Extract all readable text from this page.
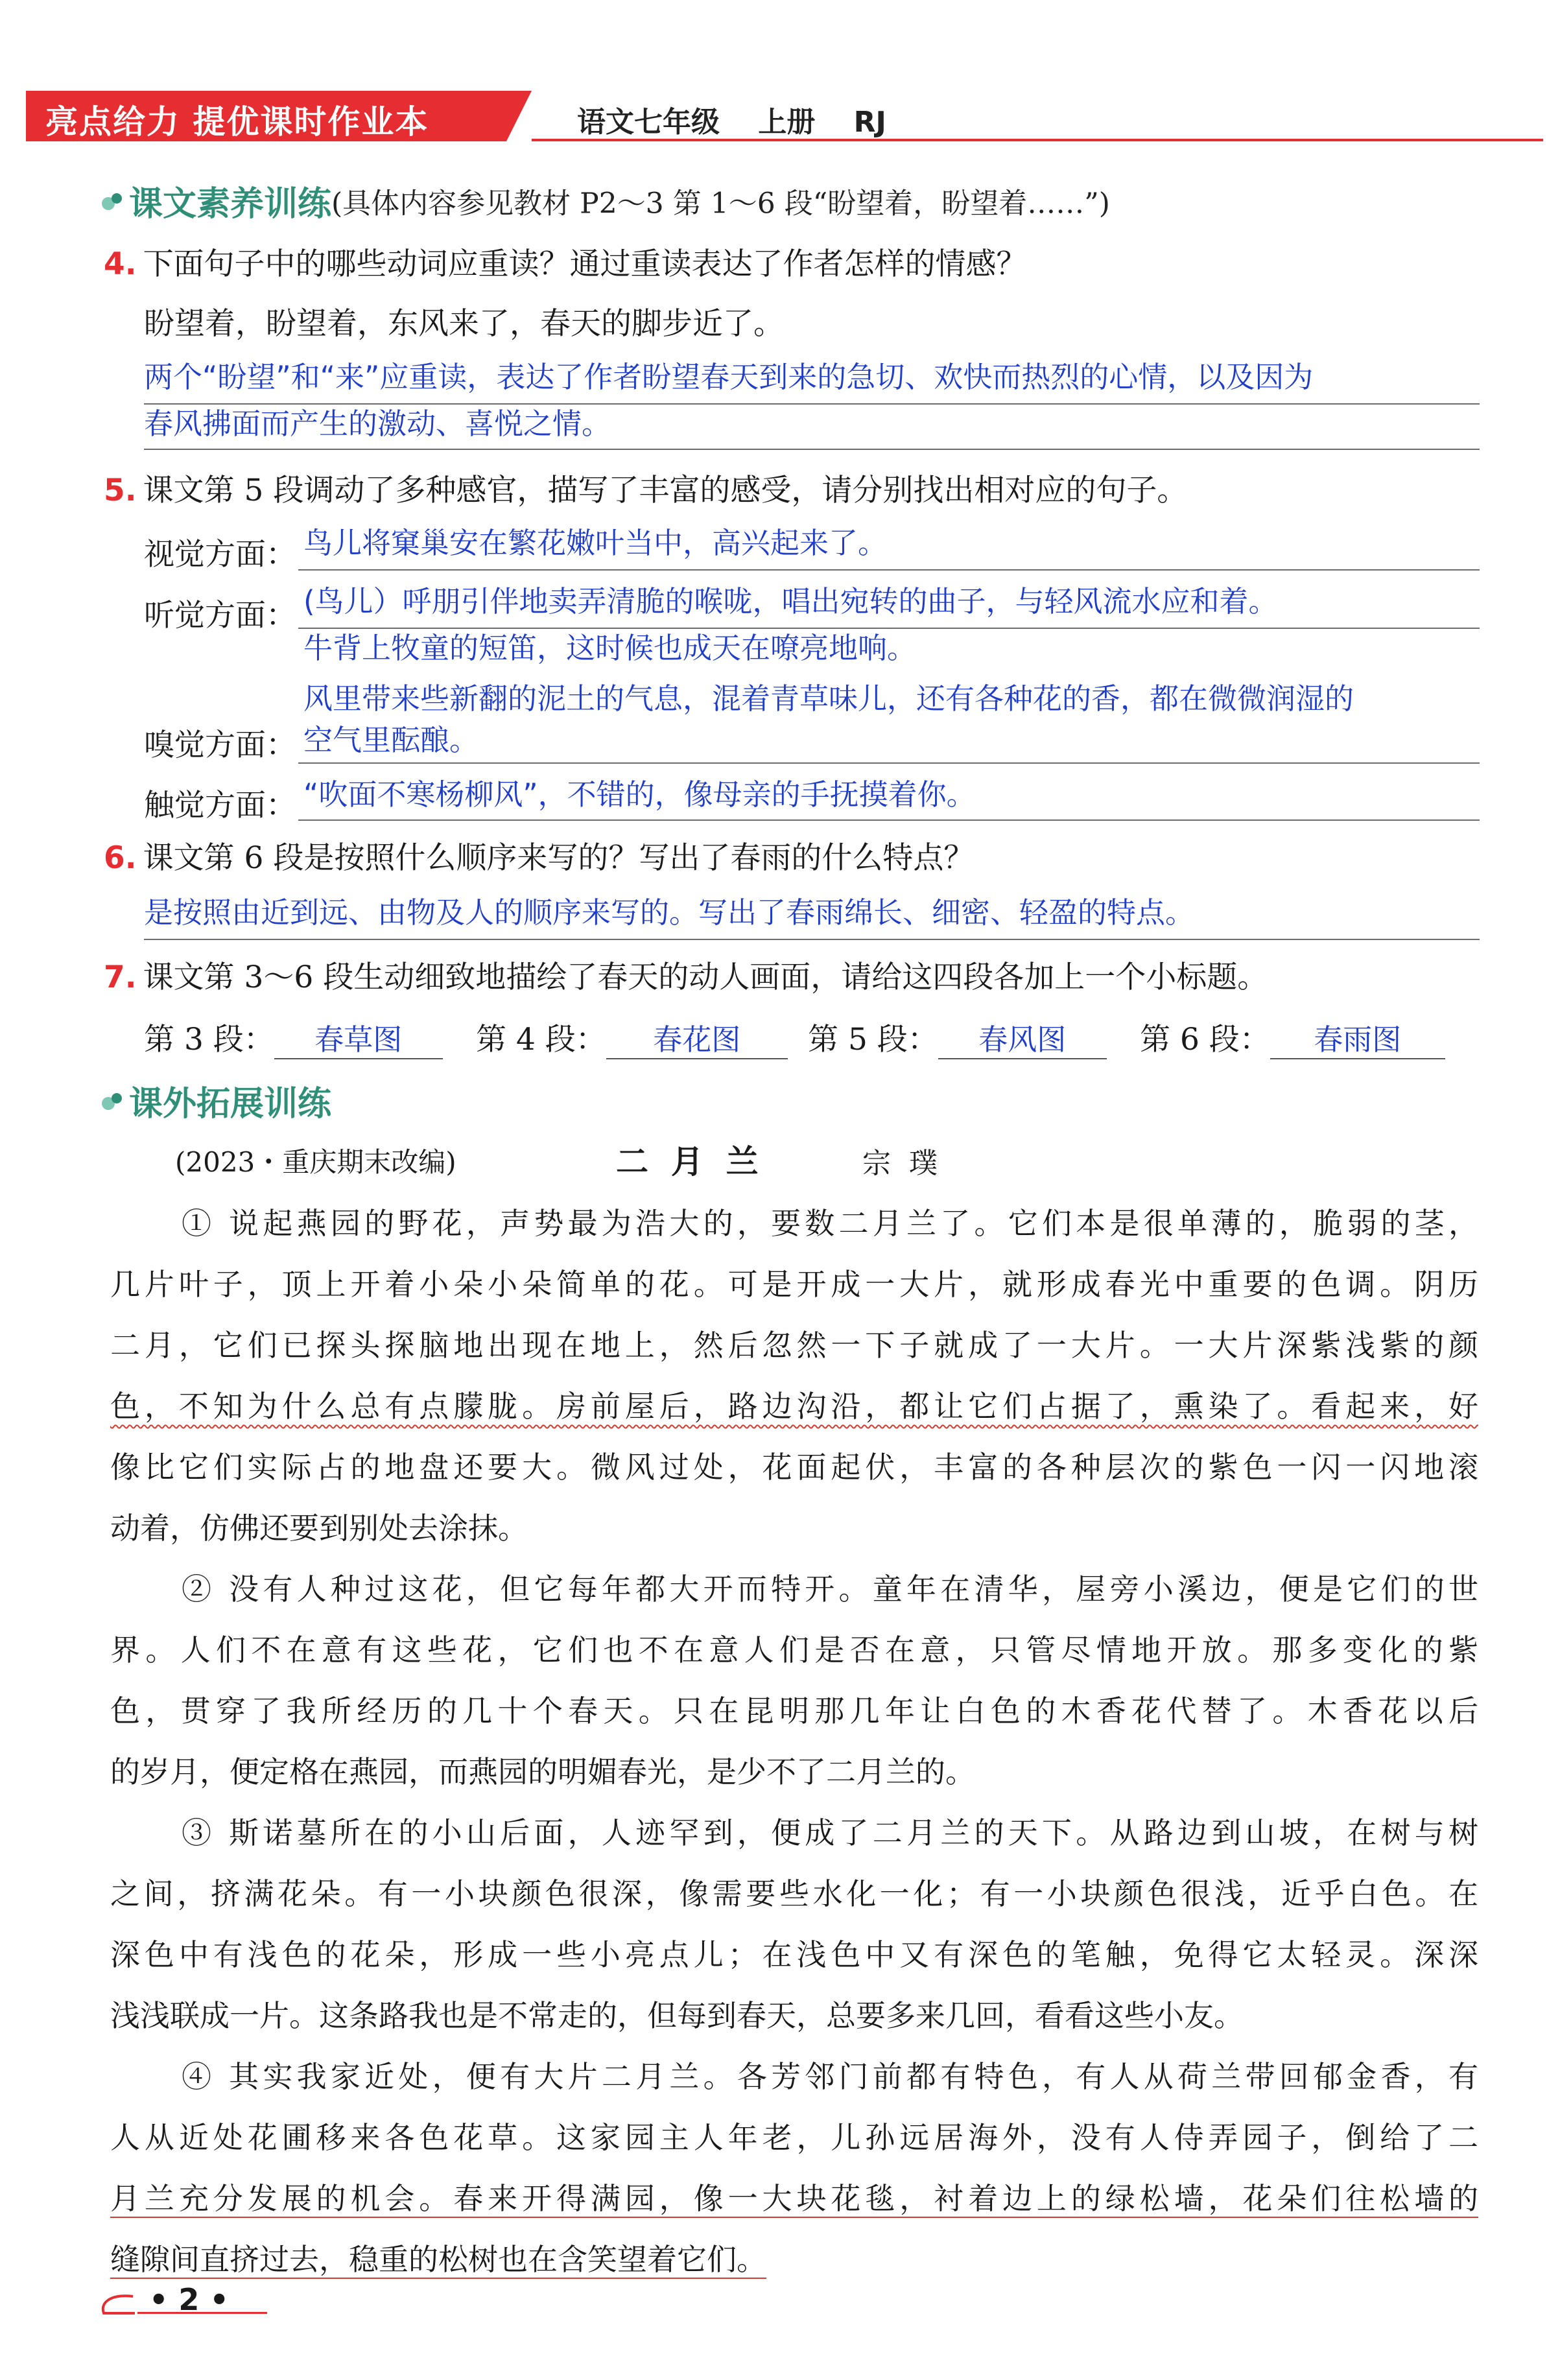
亮点给力 提优课时作业本	语文七年级 上册 RJ
课文素养训练(具体内容参见教材 P2～3 第 1～6 段“盼望着，盼望着……”)
4. 下面句子中的哪些动词应重读？通过重读表达了作者怎样的情感？
盼望着，盼望着，东风来了，春天的脚步近了。
两个“盼望”和“来”应重读，表达了作者盼望春天到来的急切、欢快而热烈的心情，以及因为
春风拂面而产生的激动、喜悦之情。
5. 课文第 5 段调动了多种感官，描写了丰富的感受，请分别找出相对应的句子。
视觉方面： 鸟儿将窠巢安在繁花嫩叶当中，高兴起来了。
听觉方面： (鸟儿）呼朋引伴地卖弄清脆的喉咙，唱出宛转的曲子，与轻风流水应和着。
牛背上牧童的短笛，这时候也成天在嘹亮地响。
风里带来些新翻的泥土的气息，混着青草味儿，还有各种花的香，都在微微润湿的
嗅觉方面： 空气里酝酿。
触觉方面： “吹面不寒杨柳风”，不错的，像母亲的手抚摸着你。
6. 课文第 6 段是按照什么顺序来写的？写出了春雨的什么特点？
是按照由近到远、由物及人的顺序来写的。写出了春雨绵长、细密、轻盈的特点。
7. 课文第 3～6 段生动细致地描绘了春天的动人画面，请给这四段各加上一个小标题。
第 3 段： 春草图 第 4 段： 春花图 第 5 段： 春风图 第 6 段： 春雨图
课外拓展训练
(2023・重庆期末改编)	二  月  兰	宗  璞
① 说起燕园的野花，声势最为浩大的，要数二月兰了。它们本是很单薄的，脆弱的茎，
几片叶子，顶上开着小朵小朵简单的花。可是开成一大片，就形成春光中重要的色调。阴历
二月，它们已探头探脑地出现在地上，然后忽然一下子就成了一大片。一大片深紫浅紫的颜
色，不知为什么总有点朦胧。房前屋后，路边沟沿，都让它们占据了，熏染了。看起来，好
像比它们实际占的地盘还要大。微风过处，花面起伏，丰富的各种层次的紫色一闪一闪地滚
动着，仿佛还要到别处去涂抹。
② 没有人种过这花，但它每年都大开而特开。童年在清华，屋旁小溪边，便是它们的世
界。人们不在意有这些花，它们也不在意人们是否在意，只管尽情地开放。那多变化的紫
色，贯穿了我所经历的几十个春天。只在昆明那几年让白色的木香花代替了。木香花以后
的岁月，便定格在燕园，而燕园的明媚春光，是少不了二月兰的。
③ 斯诺墓所在的小山后面，人迹罕到，便成了二月兰的天下。从路边到山坡，在树与树
之间，挤满花朵。有一小块颜色很深，像需要些水化一化；有一小块颜色很浅，近乎白色。在
深色中有浅色的花朵，形成一些小亮点儿；在浅色中又有深色的笔触，免得它太轻灵。深深
浅浅联成一片。这条路我也是不常走的，但每到春天，总要多来几回，看看这些小友。
④ 其实我家近处，便有大片二月兰。各芳邻门前都有特色，有人从荷兰带回郁金香，有
人从近处花圃移来各色花草。这家园主人年老，儿孙远居海外，没有人侍弄园子，倒给了二
月兰充分发展的机会。春来开得满园，像一大块花毯，衬着边上的绿松墙，花朵们往松墙的
缝隙间直挤过去，稳重的松树也在含笑望着它们。
• 2 •
